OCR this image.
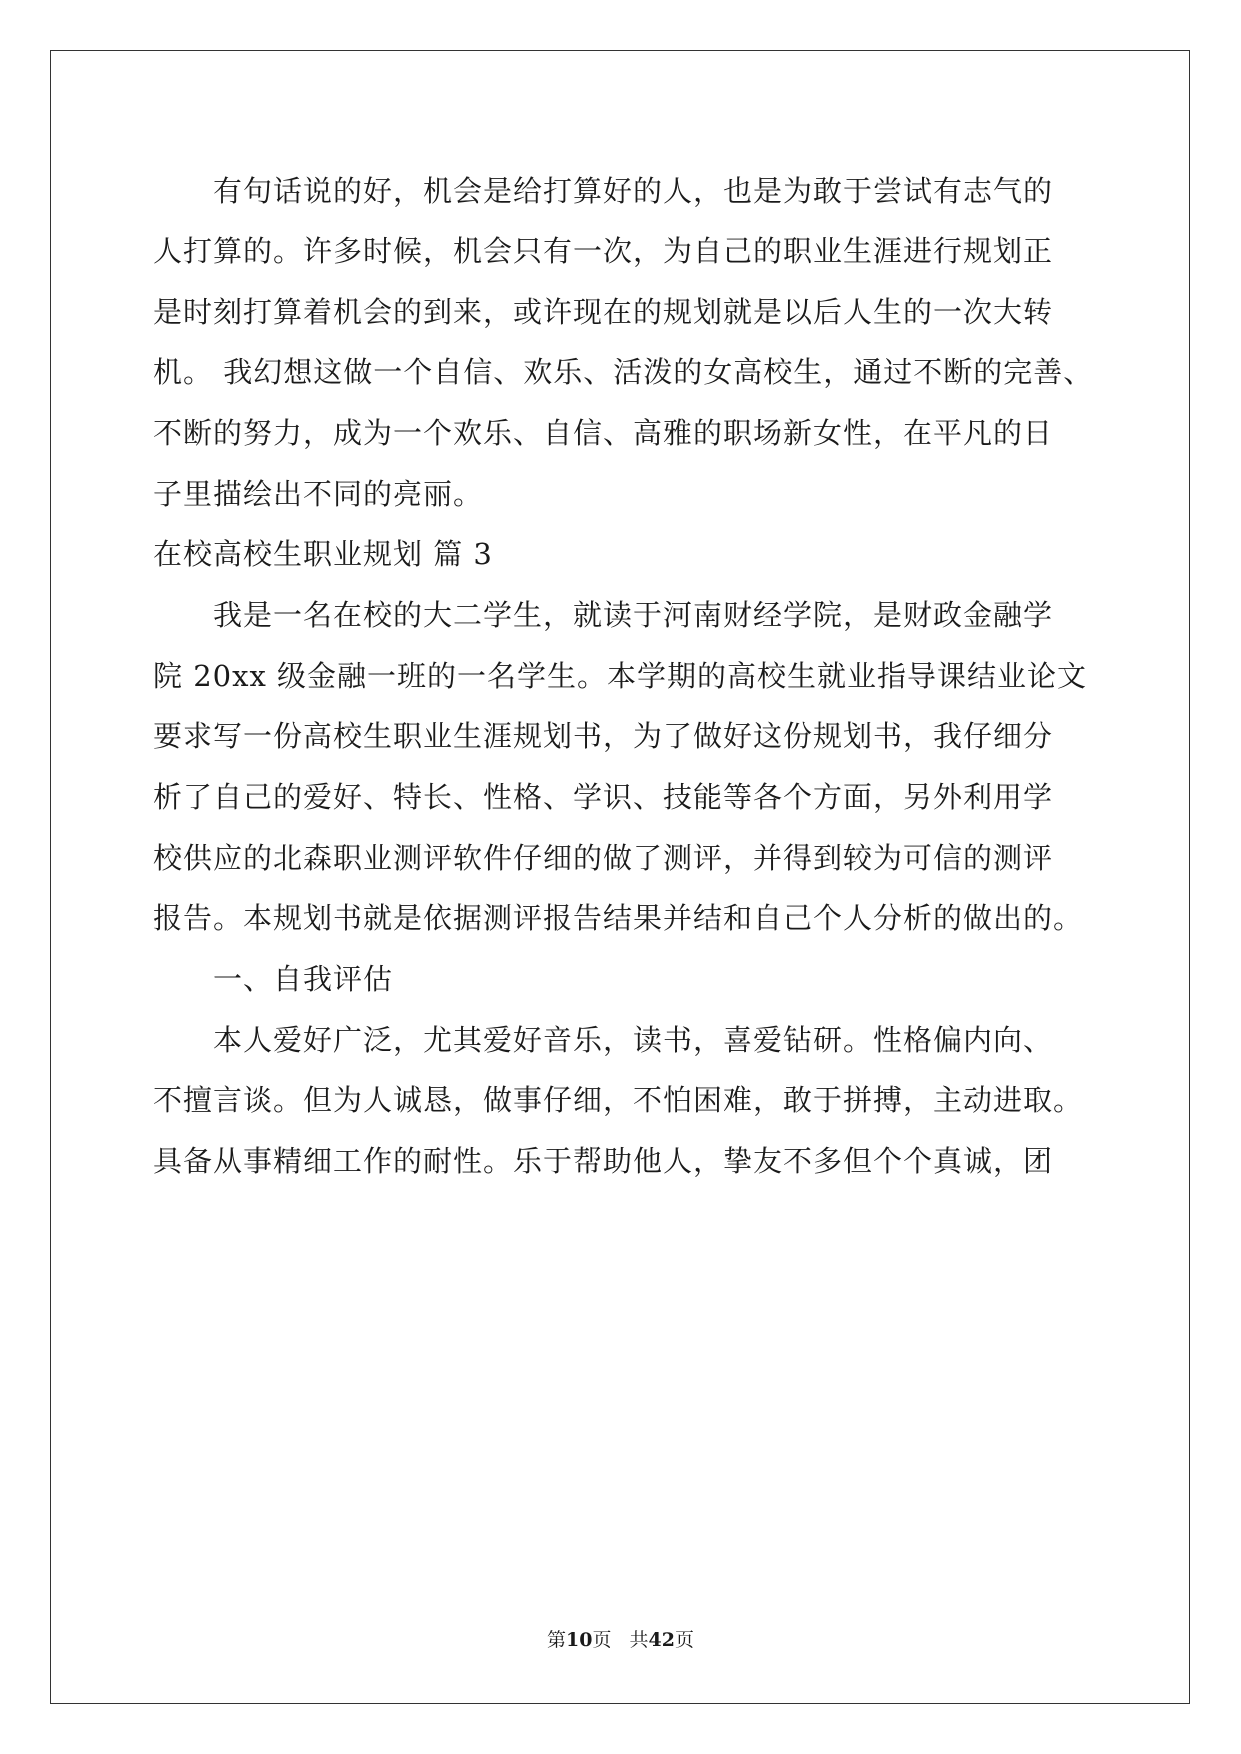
有句话说的好，机会是给打算好的人，也是为敢于尝试有志气的
人打算的。许多时候，机会只有一次，为自己的职业生涯进行规划正
是时刻打算着机会的到来，或许现在的规划就是以后人生的一次大转
机。 我幻想这做一个自信、欢乐、活泼的女高校生，通过不断的完善、
不断的努力，成为一个欢乐、自信、高雅的职场新女性，在平凡的日
子里描绘出不同的亮丽。
在校高校生职业规划 篇 3
我是一名在校的大二学生，就读于河南财经学院，是财政金融学
院 20xx 级金融一班的一名学生。本学期的高校生就业指导课结业论文
要求写一份高校生职业生涯规划书，为了做好这份规划书，我仔细分
析了自己的爱好、特长、性格、学识、技能等各个方面，另外利用学
校供应的北森职业测评软件仔细的做了测评，并得到较为可信的测评
报告。本规划书就是依据测评报告结果并结和自己个人分析的做出的。
一、自我评估
本人爱好广泛，尤其爱好音乐，读书，喜爱钻研。性格偏内向、
不擅言谈。但为人诚恳，做事仔细，不怕困难，敢于拼搏，主动进取。
具备从事精细工作的耐性。乐于帮助他人，挚友不多但个个真诚，团
第10页 共42页
